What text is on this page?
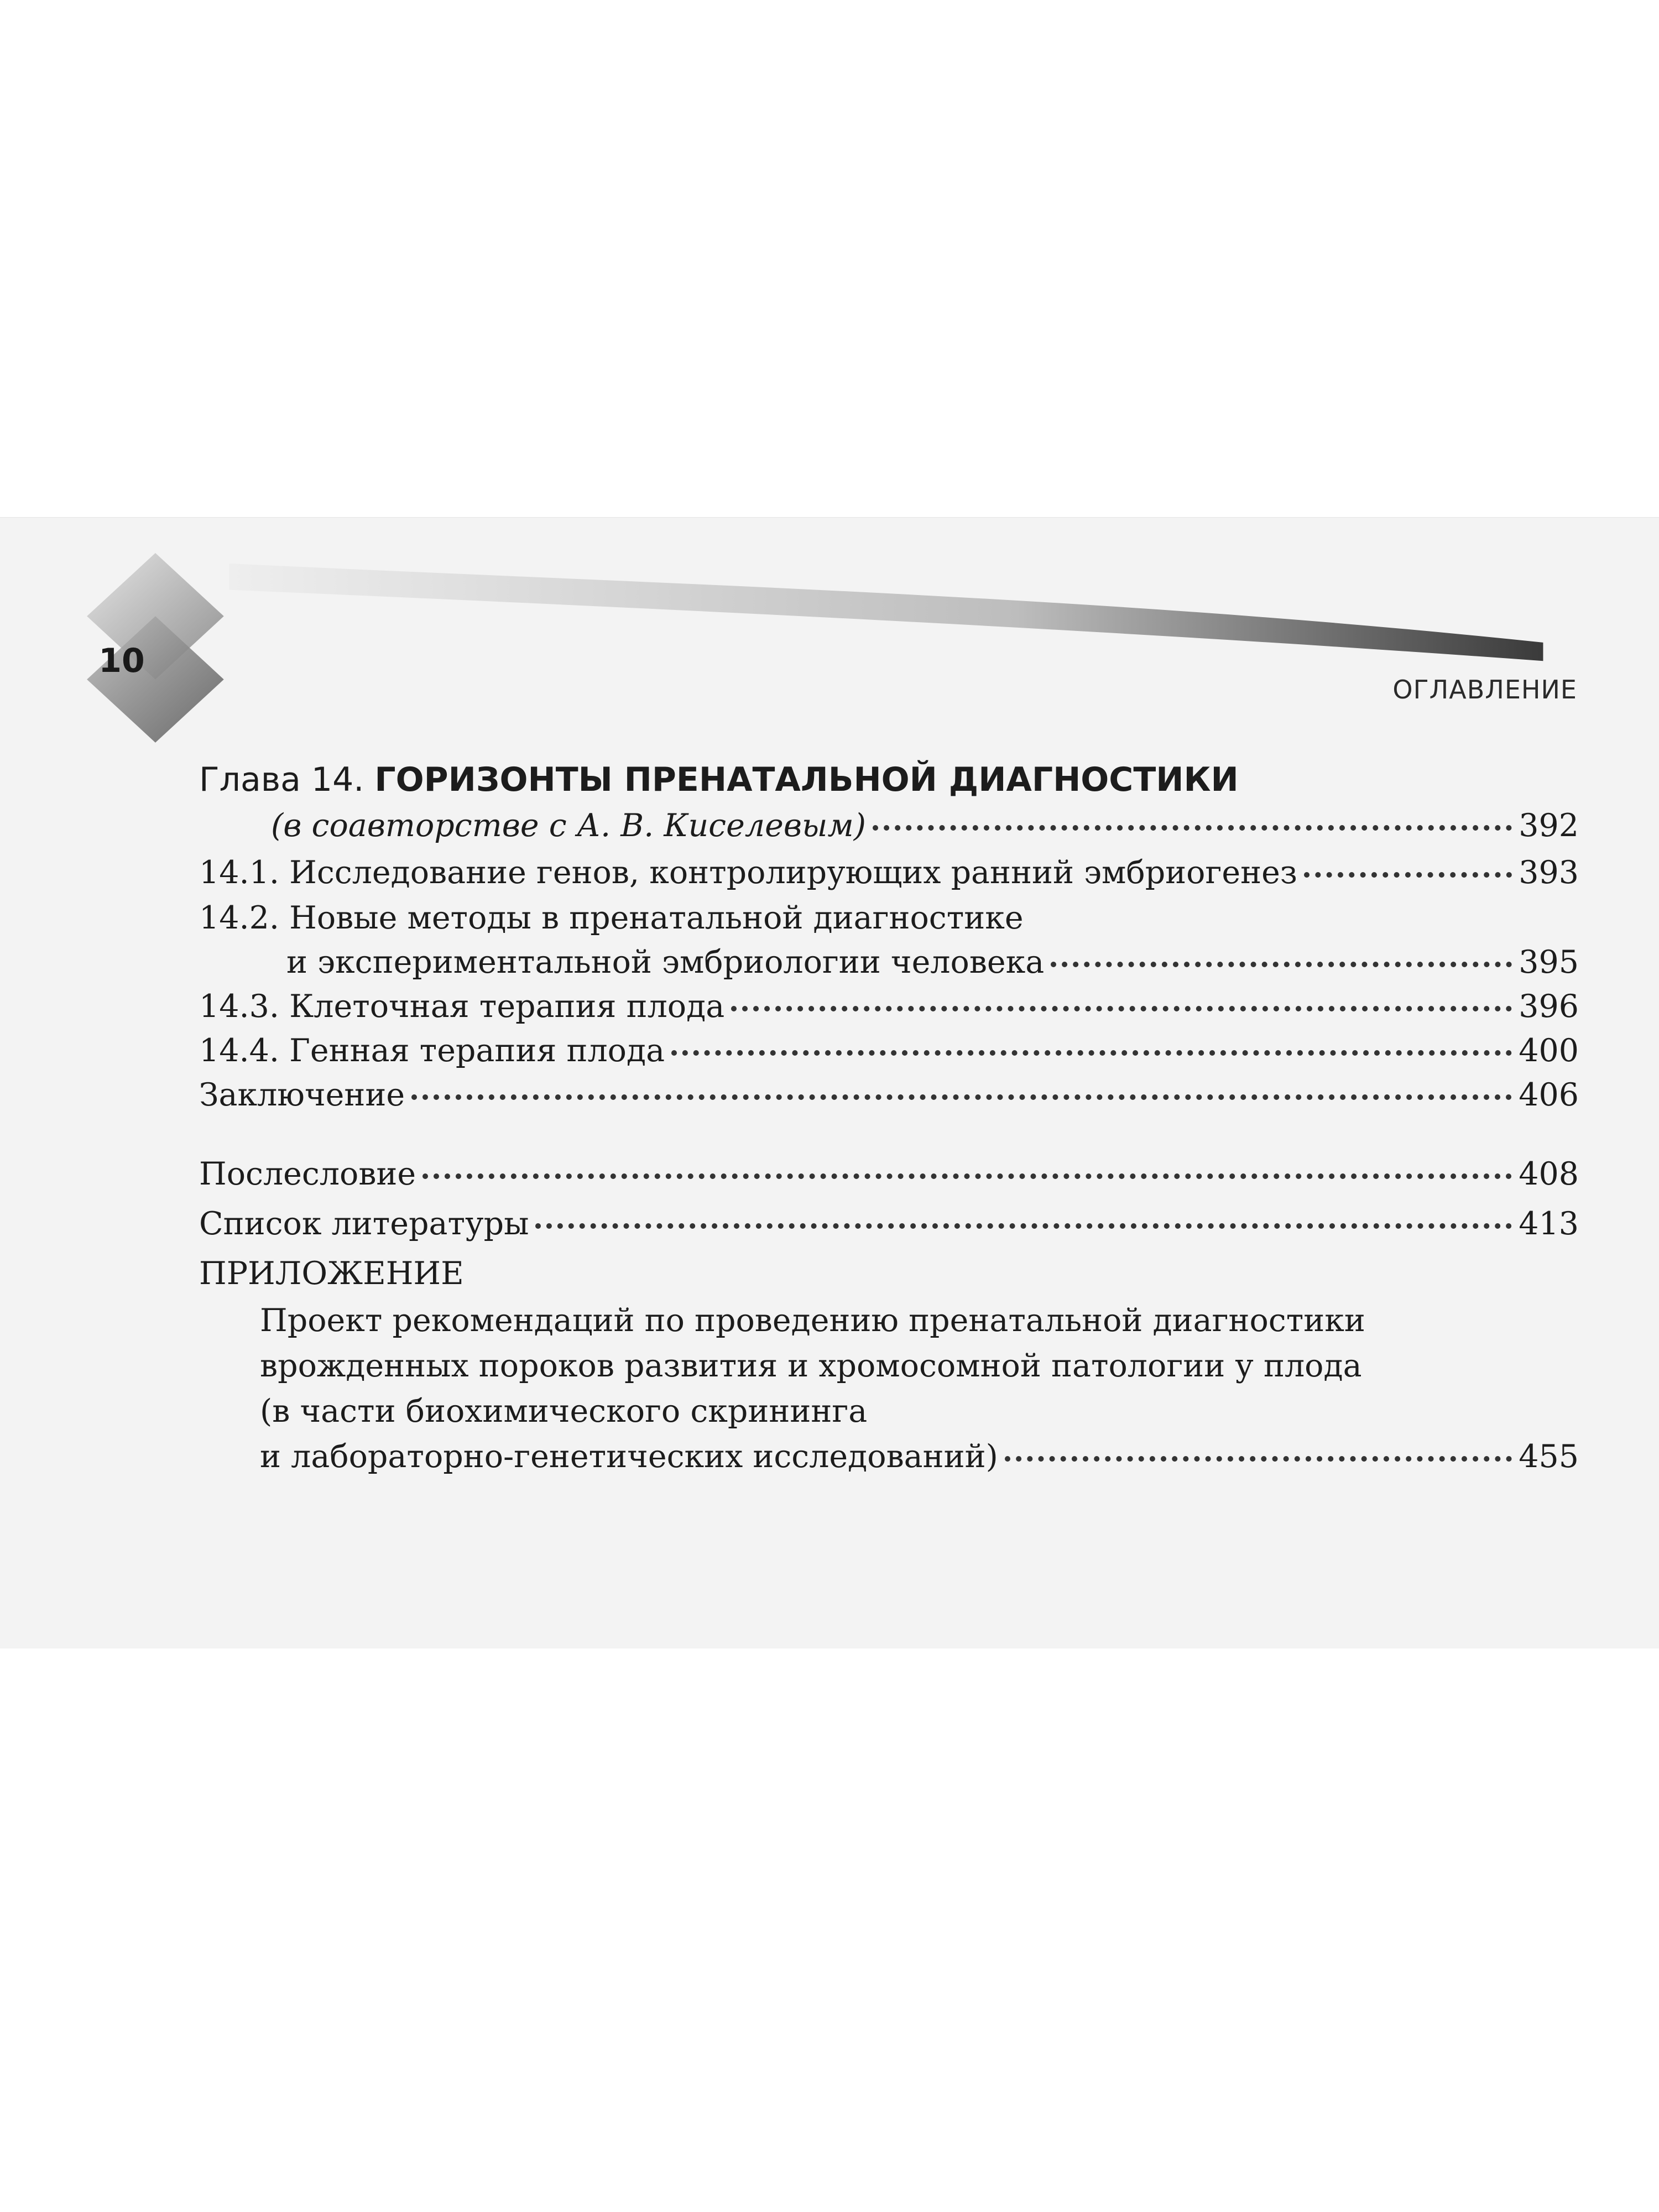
10
ОГЛАВЛЕНИЕ
Глава 14. ГОРИЗОНТЫ ПРЕНАТАЛЬНОЙ ДИАГНОСТИКИ
(в соавторстве с А. В. Киселевым)	392
14.1. Исследование генов, контролирующих ранний эмбриогенез	393
14.2. Новые методы в пренатальной диагностике
и экспериментальной эмбриологии человека	395
14.3. Клеточная терапия плода	396
14.4. Генная терапия плода	400
Заключение	406
Послесловие	408
Список литературы	413
ПРИЛОЖЕНИЕ
Проект рекомендаций по проведению пренатальной диагностики
врожденных пороков развития и хромосомной патологии у плода
(в части биохимического скрининга
и лабораторно-генетических исследований)	455
